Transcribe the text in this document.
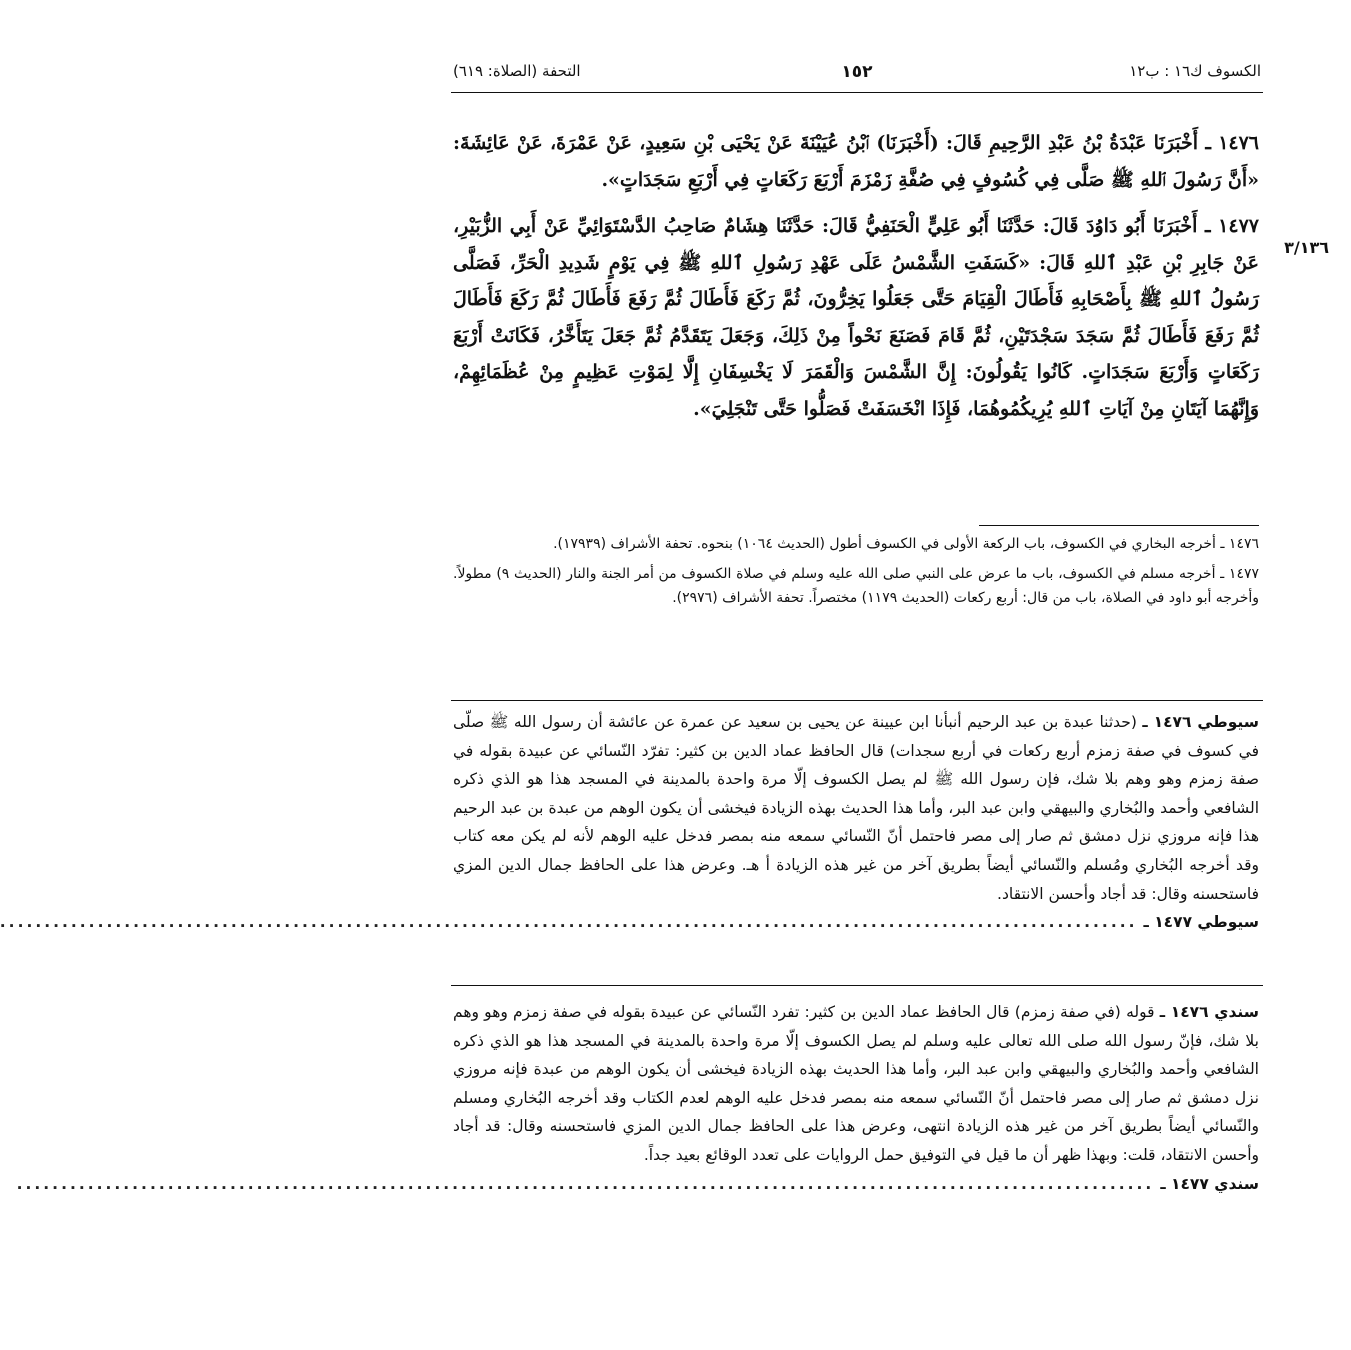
الكسوف ك١٦ : ب١٢
١٥٢
التحفة (الصلاة: ٦١٩)
٣/١٣٦

١٤٧٦ ـ أَخْبَرَنَا عَبْدَةُ بْنُ عَبْدِ الرَّحِيمِ قَالَ: (أَخْبَرَنَا) ٱبْنُ عُيَيْنَةَ عَنْ يَحْيَى بْنِ سَعِيدٍ، عَنْ عَمْرَةَ، عَنْ عَائِشَةَ: «أَنَّ رَسُولَ ٱللهِ ﷺ صَلَّى فِي كُسُوفٍ فِي صُفَّةِ زَمْزَمَ أَرْبَعَ رَكَعَاتٍ فِي أَرْبَعِ سَجَدَاتٍ».

١٤٧٧ ـ أَخْبَرَنَا أَبُو دَاوُدَ قَالَ: حَدَّثَنَا أَبُو عَلِيٍّ الْحَنَفِيُّ قَالَ: حَدَّثَنَا هِشَامٌ صَاحِبُ الدَّسْتَوَائِيِّ عَنْ أَبِي الزُّبَيْرِ، عَنْ جَابِرِ بْنِ عَبْدِ ٱللهِ قَالَ: «كَسَفَتِ الشَّمْسُ عَلَى عَهْدِ رَسُولِ ٱللهِ ﷺ فِي يَوْمٍ شَدِيدِ الْحَرِّ، فَصَلَّى رَسُولُ ٱللهِ ﷺ بِأَصْحَابِهِ فَأَطَالَ الْقِيَامَ حَتَّى جَعَلُوا يَخِرُّونَ، ثُمَّ رَكَعَ فَأَطَالَ ثُمَّ رَفَعَ فَأَطَالَ ثُمَّ رَكَعَ فَأَطَالَ ثُمَّ رَفَعَ فَأَطَالَ ثُمَّ سَجَدَ سَجْدَتَيْنِ، ثُمَّ قَامَ فَصَنَعَ نَحْواً مِنْ ذَلِكَ، وَجَعَلَ يَتَقَدَّمُ ثُمَّ جَعَلَ يَتَأَخَّرُ، فَكَانَتْ أَرْبَعَ رَكَعَاتٍ وَأَرْبَعَ سَجَدَاتٍ. كَانُوا يَقُولُونَ: إِنَّ الشَّمْسَ وَالْقَمَرَ لَا يَخْسِفَانِ إِلَّا لِمَوْتِ عَظِيمٍ مِنْ عُظَمَائِهِمْ، وَإِنَّهُمَا آيَتَانِ مِنْ آيَاتِ ٱللهِ يُرِيكُمُوهُمَا، فَإِذَا انْخَسَفَتْ فَصَلُّوا حَتَّى تَنْجَلِيَ».

١٤٧٦ ـ أخرجه البخاري في الكسوف، باب الركعة الأولى في الكسوف أطول (الحديث ١٠٦٤) بنحوه. تحفة الأشراف (١٧٩٣٩).

١٤٧٧ ـ أخرجه مسلم في الكسوف، باب ما عرض على النبي صلى الله عليه وسلم في صلاة الكسوف من أمر الجنة والنار (الحديث ٩) مطولاً. وأخرجه أبو داود في الصلاة، باب من قال: أربع ركعات (الحديث ١١٧٩) مختصراً. تحفة الأشراف (٢٩٧٦).

سيوطي ١٤٧٦ ـ (حدثنا عبدة بن عبد الرحيم أنبأنا ابن عيينة عن يحيى بن سعيد عن عمرة عن عائشة أن رسول الله ﷺ صلّى في كسوف في صفة زمزم أربع ركعات في أربع سجدات) قال الحافظ عماد الدين بن كثير: تفرّد النّسائي عن عبيدة بقوله في صفة زمزم وهو وهم بلا شك، فإن رسول الله ﷺ لم يصل الكسوف إلّا مرة واحدة بالمدينة في المسجد هذا هو الذي ذكره الشافعي وأحمد والبُخاري والبيهقي وابن عبد البر، وأما هذا الحديث بهذه الزيادة فيخشى أن يكون الوهم من عبدة بن عبد الرحيم هذا فإنه مروزي نزل دمشق ثم صار إلى مصر فاحتمل أنّ النّسائي سمعه منه بمصر فدخل عليه الوهم لأنه لم يكن معه كتاب وقد أخرجه البُخاري ومُسلم والنّسائي أيضاً بطريق آخر من غير هذه الزيادة أ هـ. وعرض هذا على الحافظ جمال الدين المزي فاستحسنه وقال: قد أجاد وأحسن الانتقاد.

سيوطي ١٤٧٧ ـ
................................................................................................................................

سندي ١٤٧٦ ـ قوله (في صفة زمزم) قال الحافظ عماد الدين بن كثير: تفرد النّسائي عن عبيدة بقوله في صفة زمزم وهو وهم بلا شك، فإنّ رسول الله صلى الله تعالى عليه وسلم لم يصل الكسوف إلّا مرة واحدة بالمدينة في المسجد هذا هو الذي ذكره الشافعي وأحمد والبُخاري والبيهقي وابن عبد البر، وأما هذا الحديث بهذه الزيادة فيخشى أن يكون الوهم من عبدة فإنه مروزي نزل دمشق ثم صار إلى مصر فاحتمل أنّ النّسائي سمعه منه بمصر فدخل عليه الوهم لعدم الكتاب وقد أخرجه البُخاري ومسلم والنّسائي أيضاً بطريق آخر من غير هذه الزيادة انتهى، وعرض هذا على الحافظ جمال الدين المزي فاستحسنه وقال: قد أجاد وأحسن الانتقاد، قلت: وبهذا ظهر أن ما قيل في التوفيق حمل الروايات على تعدد الوقائع بعيد جداً.

سندي ١٤٧٧ ـ
................................................................................................................................
